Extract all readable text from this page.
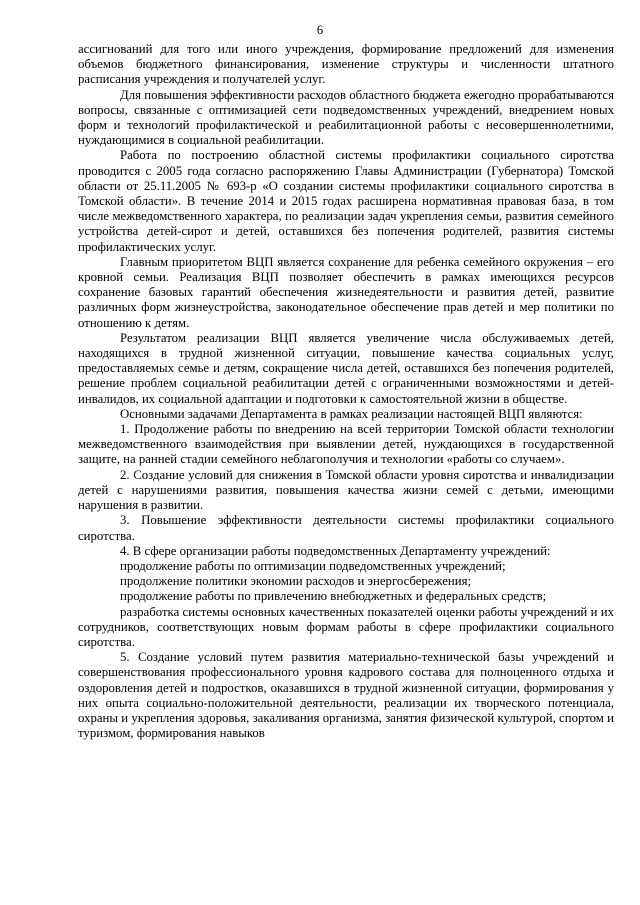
6

ассигнований для того или иного учреждения, формирование предложений для изменения объемов бюджетного финансирования, изменение структуры и численности штатного расписания учреждения и получателей услуг.

Для повышения эффективности расходов областного бюджета ежегодно прорабатываются вопросы, связанные с оптимизацией сети подведомственных учреждений, внедрением новых форм и технологий профилактической и реабилитационной работы с несовершеннолетними, нуждающимися в социальной реабилитации.

Работа по построению областной системы профилактики социального сиротства проводится с 2005 года согласно распоряжению Главы Администрации (Губернатора) Томской области от 25.11.2005 № 693-р «О создании системы профилактики социального сиротства в Томской области». В течение 2014 и 2015 годах расширена нормативная правовая база, в том числе межведомственного характера, по реализации задач укрепления семьи, развития семейного устройства детей-сирот и детей, оставшихся без попечения родителей, развития системы профилактических услуг.

Главным приоритетом ВЦП является сохранение для ребенка семейного окружения – его кровной семьи. Реализация ВЦП позволяет обеспечить в рамках имеющихся ресурсов сохранение базовых гарантий обеспечения жизнедеятельности и развития детей, развитие различных форм жизнеустройства, законодательное обеспечение прав детей и мер политики по отношению к детям.

Результатом реализации ВЦП является увеличение числа обслуживаемых детей, находящихся в трудной жизненной ситуации, повышение качества социальных услуг, предоставляемых семье и детям, сокращение числа детей, оставшихся без попечения родителей, решение проблем социальной реабилитации детей с ограниченными возможностями и детей-инвалидов, их социальной адаптации и подготовки к самостоятельной жизни в обществе.

Основными задачами Департамента в рамках реализации настоящей ВЦП являются:

1. Продолжение работы по внедрению на всей территории Томской области технологии межведомственного взаимодействия при выявлении детей, нуждающихся в государственной защите, на ранней стадии семейного неблагополучия и технологии «работы со случаем».

2. Создание условий для снижения в Томской области уровня сиротства и инвалидизации детей с нарушениями развития, повышения качества жизни семей с детьми, имеющими нарушения в развитии.

3. Повышение эффективности деятельности системы профилактики социального сиротства.

4. В сфере организации работы подведомственных Департаменту учреждений:

продолжение работы по оптимизации подведомственных учреждений;

продолжение политики экономии расходов и энергосбережения;

продолжение работы по привлечению внебюджетных и федеральных средств;

разработка системы основных качественных показателей оценки работы учреждений и их сотрудников, соответствующих новым формам работы в сфере профилактики социального сиротства.

5. Создание условий путем развития материально-технической базы учреждений и совершенствования профессионального уровня кадрового состава для полноценного отдыха и оздоровления детей и подростков, оказавшихся в трудной жизненной ситуации, формирования у них опыта социально-положительной деятельности, реализации их творческого потенциала, охраны и укрепления здоровья, закаливания организма, занятия физической культурой, спортом и туризмом, формирования навыков
